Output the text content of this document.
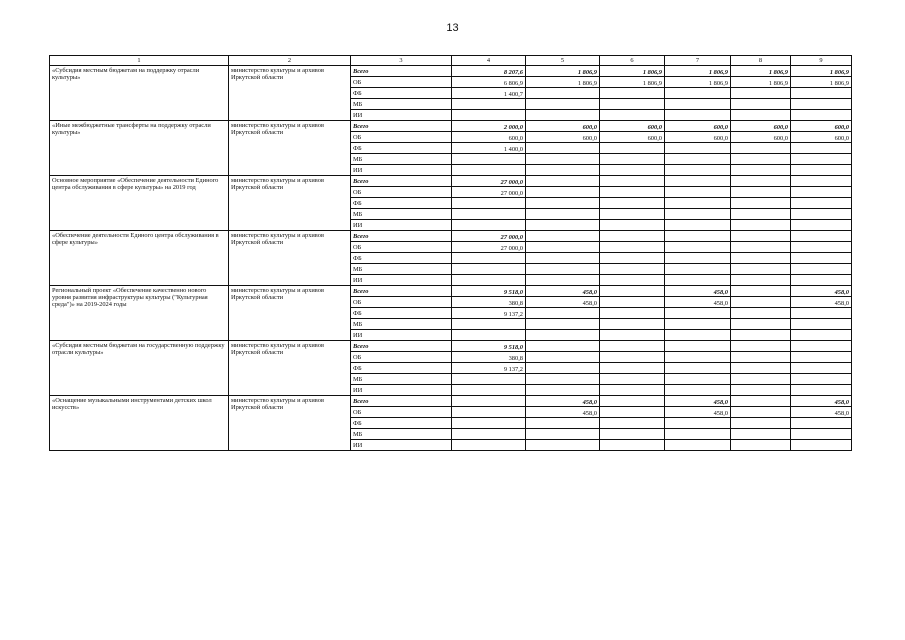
13
1	2	3	4	5	6	7	8	9
«Субсидия местным бюджетам на поддержку отрасли культуры»	министерство культуры и архивов Иркутской области	Всего	8 207,6	1 806,9	1 806,9	1 806,9	1 806,9	1 806,9
		ОБ	6 806,9	1 806,9	1 806,9	1 806,9	1 806,9	1 806,9
		ФБ	1 400,7					
		МБ						
		ИИ						
«Иные межбюджетные трансферты на поддержку отрасли культуры»	министерство культуры и архивов Иркутской области	Всего	2 000,0	600,0	600,0	600,0	600,0	600,0
		ОБ	600,0	600,0	600,0	600,0	600,0	600,0
		ФБ	1 400,0					
		МБ						
		ИИ						
Основное мероприятие «Обеспечение деятельности Единого центра обслуживания в сфере культуры» на 2019 год	министерство культуры и архивов Иркутской области	Всего	27 000,0					
		ОБ	27 000,0					
		ФБ						
		МБ						
		ИИ						
«Обеспечение деятельности Единого центра обслуживания в сфере культуры»	министерство культуры и архивов Иркутской области	Всего	27 000,0					
		ОБ	27 000,0					
		ФБ						
		МБ						
		ИИ						
Региональный проект «Обеспечение качественно нового уровня развития инфраструктуры культуры ("Культурная среда")» на 2019-2024 годы	министерство культуры и архивов Иркутской области	Всего	9 518,0	458,0		458,0		458,0
		ОБ	380,8	458,0		458,0		458,0
		ФБ	9 137,2					
		МБ						
		ИИ						
«Субсидия местным бюджетам на государственную поддержку отрасли культуры»	министерство культуры и архивов Иркутской области	Всего	9 518,0					
		ОБ	380,8					
		ФБ	9 137,2					
		МБ						
		ИИ						
«Оснащение музыкальными инструментами детских школ искусств»	министерство культуры и архивов Иркутской области	Всего		458,0		458,0		458,0
		ОБ		458,0		458,0		458,0
		ФБ						
		МБ						
		ИИ						
